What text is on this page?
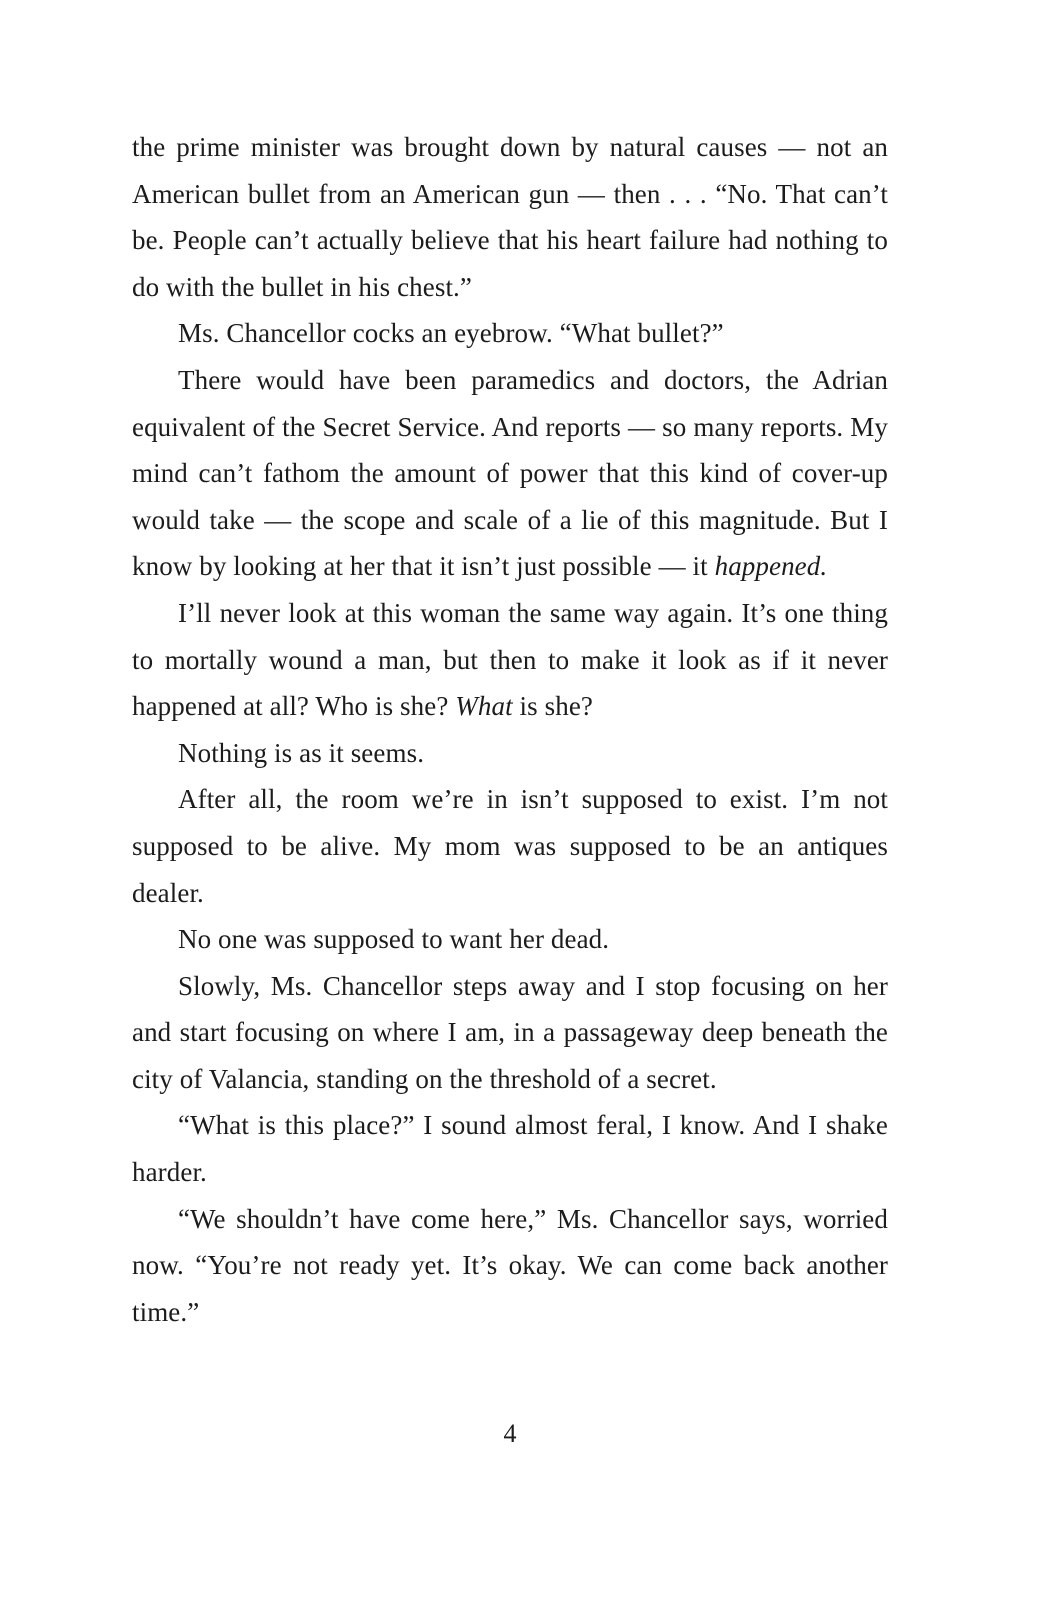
the prime minister was brought down by natural causes — not an American bullet from an American gun — then . . . “No. That can’t be. People can’t actually believe that his heart failure had nothing to do with the bullet in his chest.”

Ms. Chancellor cocks an eyebrow. “What bullet?”

There would have been paramedics and doctors, the Adrian equivalent of the Secret Service. And reports — so many reports. My mind can’t fathom the amount of power that this kind of cover-up would take — the scope and scale of a lie of this magnitude. But I know by looking at her that it isn’t just possible — it happened.

I’ll never look at this woman the same way again. It’s one thing to mortally wound a man, but then to make it look as if it never happened at all? Who is she? What is she?

Nothing is as it seems.

After all, the room we’re in isn’t supposed to exist. I’m not supposed to be alive. My mom was supposed to be an antiques dealer.

No one was supposed to want her dead.

Slowly, Ms. Chancellor steps away and I stop focusing on her and start focusing on where I am, in a passageway deep beneath the city of Valancia, standing on the threshold of a secret.

“What is this place?” I sound almost feral, I know. And I shake harder.

“We shouldn’t have come here,” Ms. Chancellor says, worried now. “You’re not ready yet. It’s okay. We can come back another time.”

4
